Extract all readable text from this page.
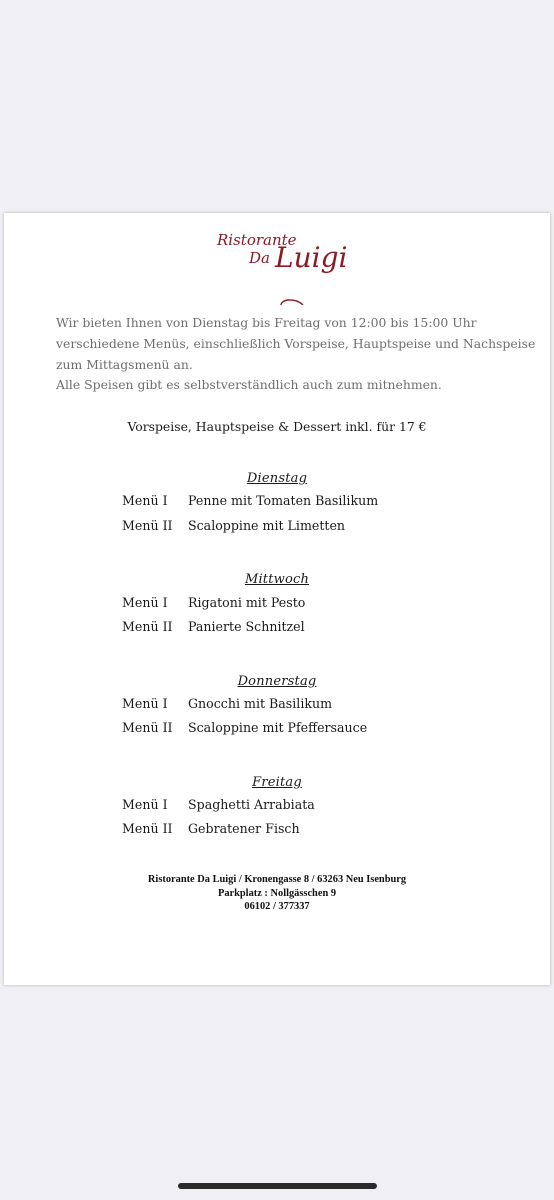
Ristorante
Da Luigi
Wir bieten Ihnen von Dienstag bis Freitag von 12:00 bis 15:00 Uhr
verschiedene Menüs, einschließlich Vorspeise, Hauptspeise und Nachspeise
zum Mittagsmenü an.
Alle Speisen gibt es selbstverständlich auch zum mitnehmen.
Vorspeise, Hauptspeise & Dessert inkl. für 17 €
Dienstag
Menü I Penne mit Tomaten Basilikum
Menü II Scaloppine mit Limetten
Mittwoch
Menü I Rigatoni mit Pesto
Menü II Panierte Schnitzel
Donnerstag
Menü I Gnocchi mit Basilikum
Menü II Scaloppine mit Pfeffersauce
Freitag
Menü I Spaghetti Arrabiata
Menü II Gebratener Fisch
Ristorante Da Luigi / Kronengasse 8 / 63263 Neu Isenburg
Parkplatz : Nollgässchen 9
06102 / 377337
